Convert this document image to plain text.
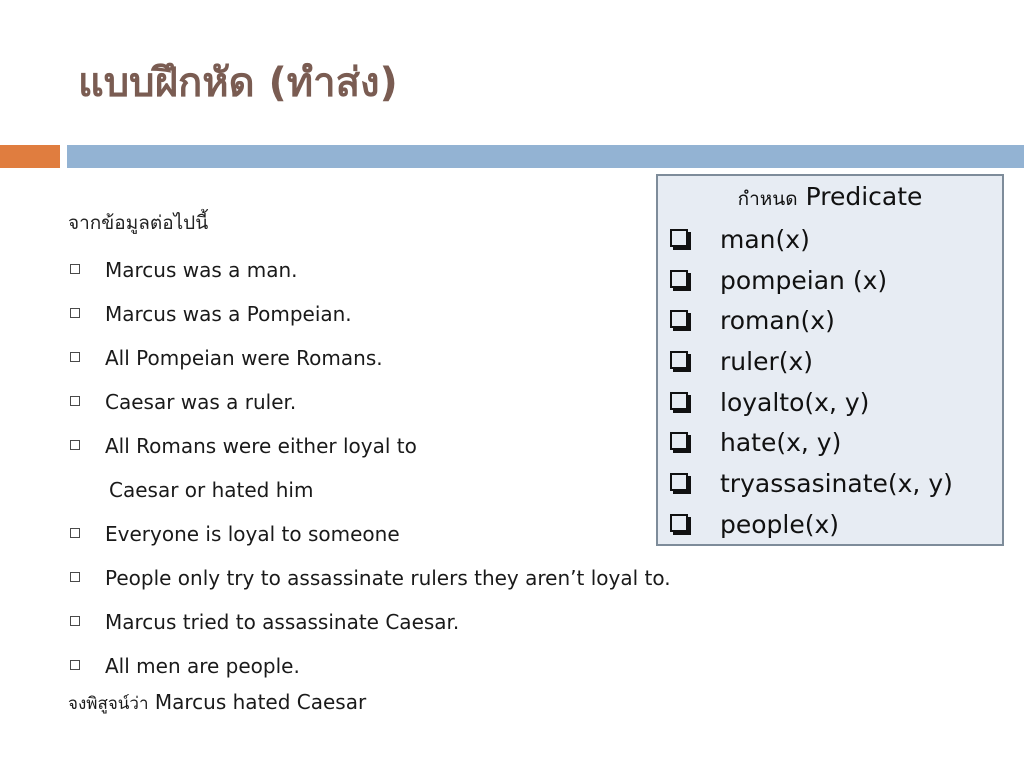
แบบฝึกหัด (ทำส่ง)
จากข้อมูลต่อไปนี้
Marcus was a man.
Marcus was a Pompeian.
All Pompeian were Romans.
Caesar was a ruler.
All Romans were either loyal to
Caesar or hated him
Everyone is loyal to someone
People only try to assassinate rulers they aren’t loyal to.
Marcus tried to assassinate Caesar.
All men are people.
จงพิสูจน์ว่า Marcus hated Caesar
กำหนด Predicate
man(x)
pompeian (x)
roman(x)
ruler(x)
loyalto(x, y)
hate(x, y)
tryassasinate(x, y)
people(x)
